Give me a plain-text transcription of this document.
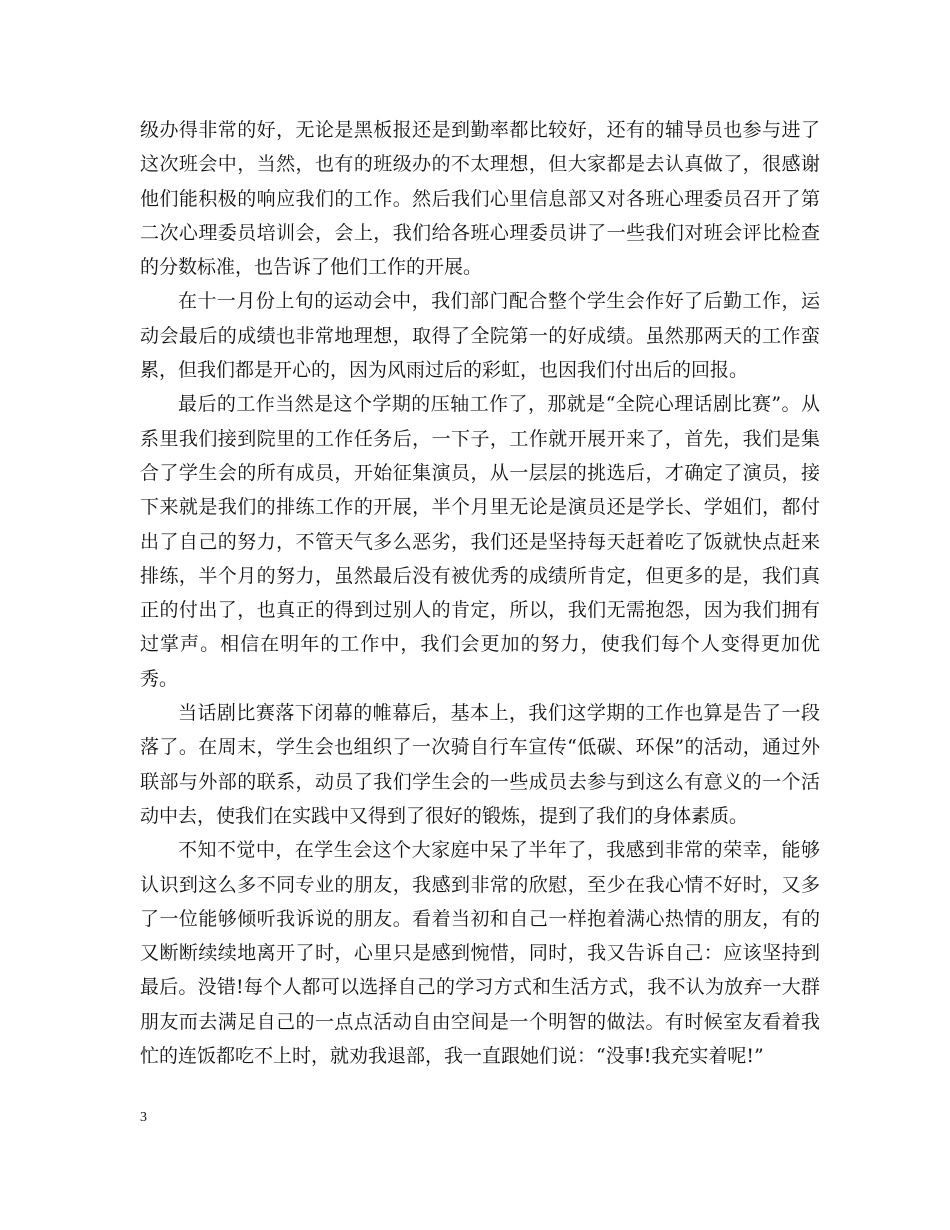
级办得非常的好，无论是黑板报还是到勤率都比较好，还有的辅导员也参与进了这次班会中，当然，也有的班级办的不太理想，但大家都是去认真做了，很感谢他们能积极的响应我们的工作。然后我们心里信息部又对各班心理委员召开了第二次心理委员培训会，会上，我们给各班心理委员讲了一些我们对班会评比检查的分数标准，也告诉了他们工作的开展。

在十一月份上旬的运动会中，我们部门配合整个学生会作好了后勤工作，运动会最后的成绩也非常地理想，取得了全院第一的好成绩。虽然那两天的工作蛮累，但我们都是开心的，因为风雨过后的彩虹，也因我们付出后的回报。

最后的工作当然是这个学期的压轴工作了，那就是“全院心理话剧比赛”。从系里我们接到院里的工作任务后，一下子，工作就开展开来了，首先，我们是集合了学生会的所有成员，开始征集演员，从一层层的挑选后，才确定了演员，接下来就是我们的排练工作的开展，半个月里无论是演员还是学长、学姐们，都付出了自己的努力，不管天气多么恶劣，我们还是坚持每天赶着吃了饭就快点赶来排练，半个月的努力，虽然最后没有被优秀的成绩所肯定，但更多的是，我们真正的付出了，也真正的得到过别人的肯定，所以，我们无需抱怨，因为我们拥有过掌声。相信在明年的工作中，我们会更加的努力，使我们每个人变得更加优秀。

当话剧比赛落下闭幕的帷幕后，基本上，我们这学期的工作也算是告了一段落了。在周末，学生会也组织了一次骑自行车宣传“低碳、环保”的活动，通过外联部与外部的联系，动员了我们学生会的一些成员去参与到这么有意义的一个活动中去，使我们在实践中又得到了很好的锻炼，提到了我们的身体素质。

不知不觉中，在学生会这个大家庭中呆了半年了，我感到非常的荣幸，能够认识到这么多不同专业的朋友，我感到非常的欣慰，至少在我心情不好时，又多了一位能够倾听我诉说的朋友。看着当初和自己一样抱着满心热情的朋友，有的又断断续续地离开了时，心里只是感到惋惜，同时，我又告诉自己：应该坚持到最后。没错!每个人都可以选择自己的学习方式和生活方式，我不认为放弃一大群朋友而去满足自己的一点点活动自由空间是一个明智的做法。有时候室友看着我忙的连饭都吃不上时，就劝我退部，我一直跟她们说：“没事!我充实着呢!”

3
